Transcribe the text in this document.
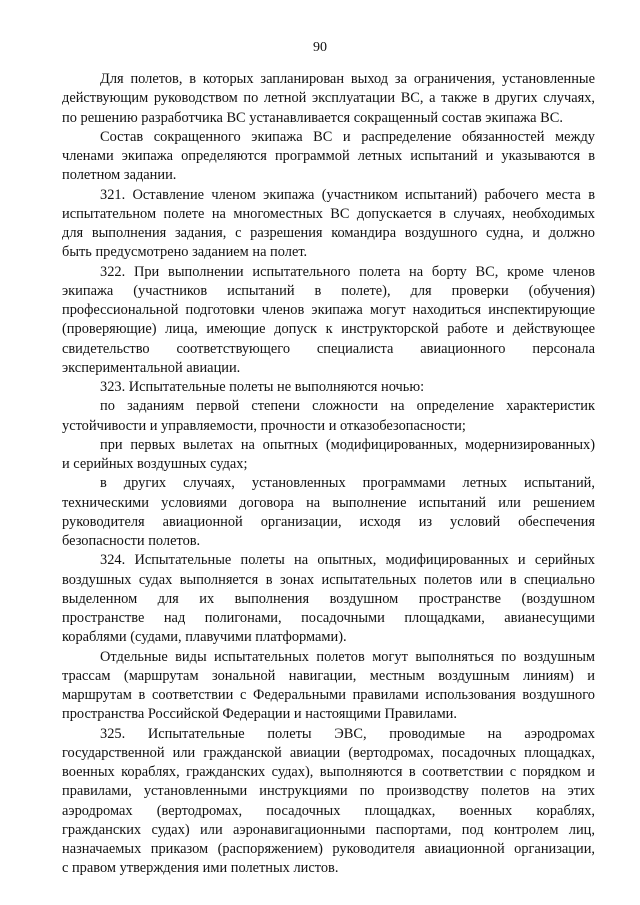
90
Для полетов, в которых запланирован выход за ограничения, установленные
действующим руководством по летной эксплуатации ВС, а также в других случаях,
по решению разработчика ВС устанавливается сокращенный состав экипажа ВС.
Состав сокращенного экипажа ВС и распределение обязанностей между
членами экипажа определяются программой летных испытаний и указываются в
полетном задании.
321. Оставление членом экипажа (участником испытаний) рабочего места в
испытательном полете на многоместных ВС допускается в случаях, необходимых
для выполнения задания, с разрешения командира воздушного судна, и должно
быть предусмотрено заданием на полет.
322. При выполнении испытательного полета на борту ВС, кроме членов
экипажа (участников испытаний в полете), для проверки (обучения)
профессиональной подготовки членов экипажа могут находиться инспектирующие
(проверяющие) лица, имеющие допуск к инструкторской работе и действующее
свидетельство соответствующего специалиста авиационного персонала
экспериментальной авиации.
323. Испытательные полеты не выполняются ночью:
по заданиям первой степени сложности на определение характеристик
устойчивости и управляемости, прочности и отказобезопасности;
при первых вылетах на опытных (модифицированных, модернизированных)
и серийных воздушных судах;
в других случаях, установленных программами летных испытаний,
техническими условиями договора на выполнение испытаний или решением
руководителя авиационной организации, исходя из условий обеспечения
безопасности полетов.
324. Испытательные полеты на опытных, модифицированных и серийных
воздушных судах выполняется в зонах испытательных полетов или в специально
выделенном для их выполнения воздушном пространстве (воздушном
пространстве над полигонами, посадочными площадками, авианесущими
кораблями (судами, плавучими платформами).
Отдельные виды испытательных полетов могут выполняться по воздушным
трассам (маршрутам зональной навигации, местным воздушным линиям) и
маршрутам в соответствии с Федеральными правилами использования воздушного
пространства Российской Федерации и настоящими Правилами.
325. Испытательные полеты ЭВС, проводимые на аэродромах
государственной или гражданской авиации (вертодромах, посадочных площадках,
военных кораблях, гражданских судах), выполняются в соответствии с порядком и
правилами, установленными инструкциями по производству полетов на этих
аэродромах (вертодромах, посадочных площадках, военных кораблях,
гражданских судах) или аэронавигационными паспортами, под контролем лиц,
назначаемых приказом (распоряжением) руководителя авиационной организации,
с правом утверждения ими полетных листов.
